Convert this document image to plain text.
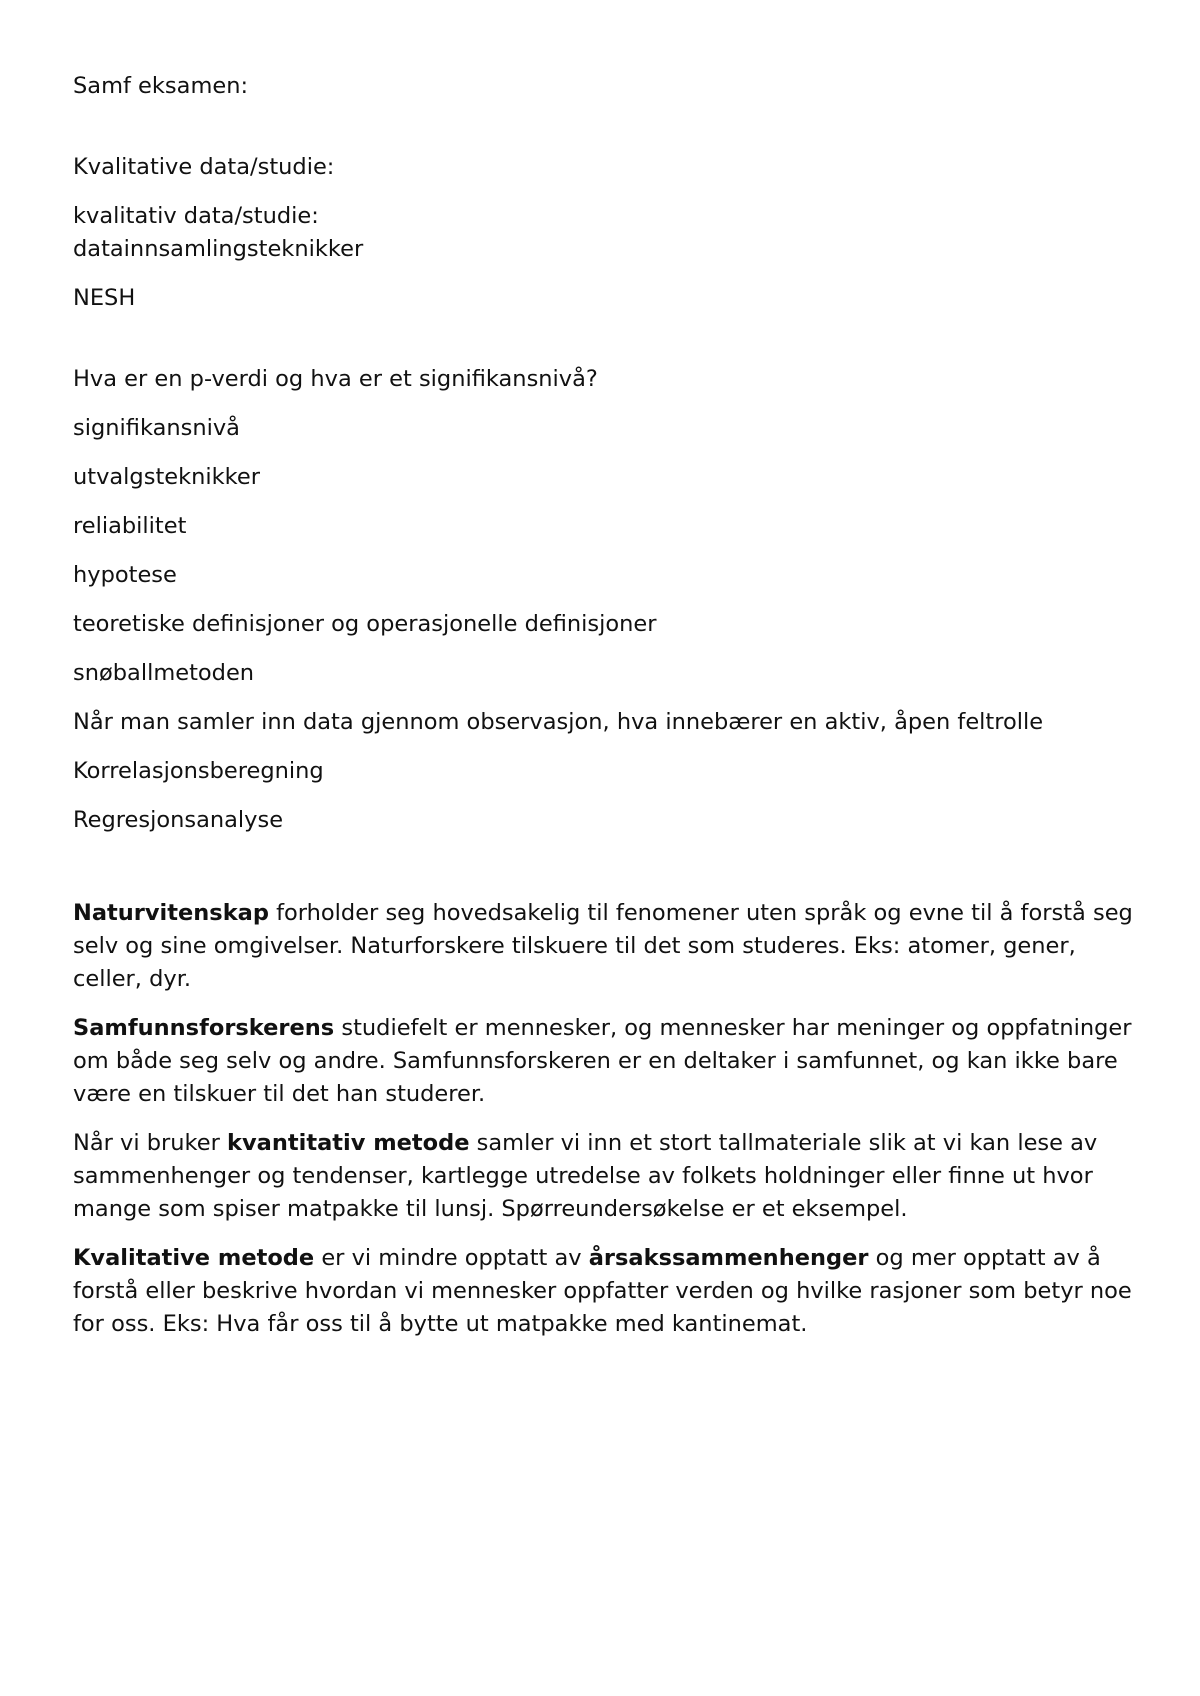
Samf eksamen:

Kvalitative data/studie:

kvalitativ data/studie:

datainnsamlingsteknikker

NESH

Hva er en p-verdi og hva er et signifikansnivå?

signifikansnivå

utvalgsteknikker

reliabilitet

hypotese

teoretiske definisjoner og operasjonelle definisjoner

snøballmetoden

Når man samler inn data gjennom observasjon, hva innebærer en aktiv, åpen feltrolle

Korrelasjonsberegning

Regresjonsanalyse

Naturvitenskap forholder seg hovedsakelig til fenomener uten språk og evne til å forstå seg selv og sine omgivelser. Naturforskere tilskuere til det som studeres. Eks: atomer, gener, celler, dyr.

Samfunnsforskerens studiefelt er mennesker, og mennesker har meninger og oppfatninger om både seg selv og andre. Samfunnsforskeren er en deltaker i samfunnet, og kan ikke bare være en tilskuer til det han studerer.

Når vi bruker kvantitativ metode samler vi inn et stort tallmateriale slik at vi kan lese av sammenhenger og tendenser, kartlegge utredelse av folkets holdninger eller finne ut hvor mange som spiser matpakke til lunsj. Spørreundersøkelse er et eksempel.

Kvalitative metode er vi mindre opptatt av årsakssammenhenger og mer opptatt av å forstå eller beskrive hvordan vi mennesker oppfatter verden og hvilke rasjoner som betyr noe for oss. Eks: Hva får oss til å bytte ut matpakke med kantinemat.
